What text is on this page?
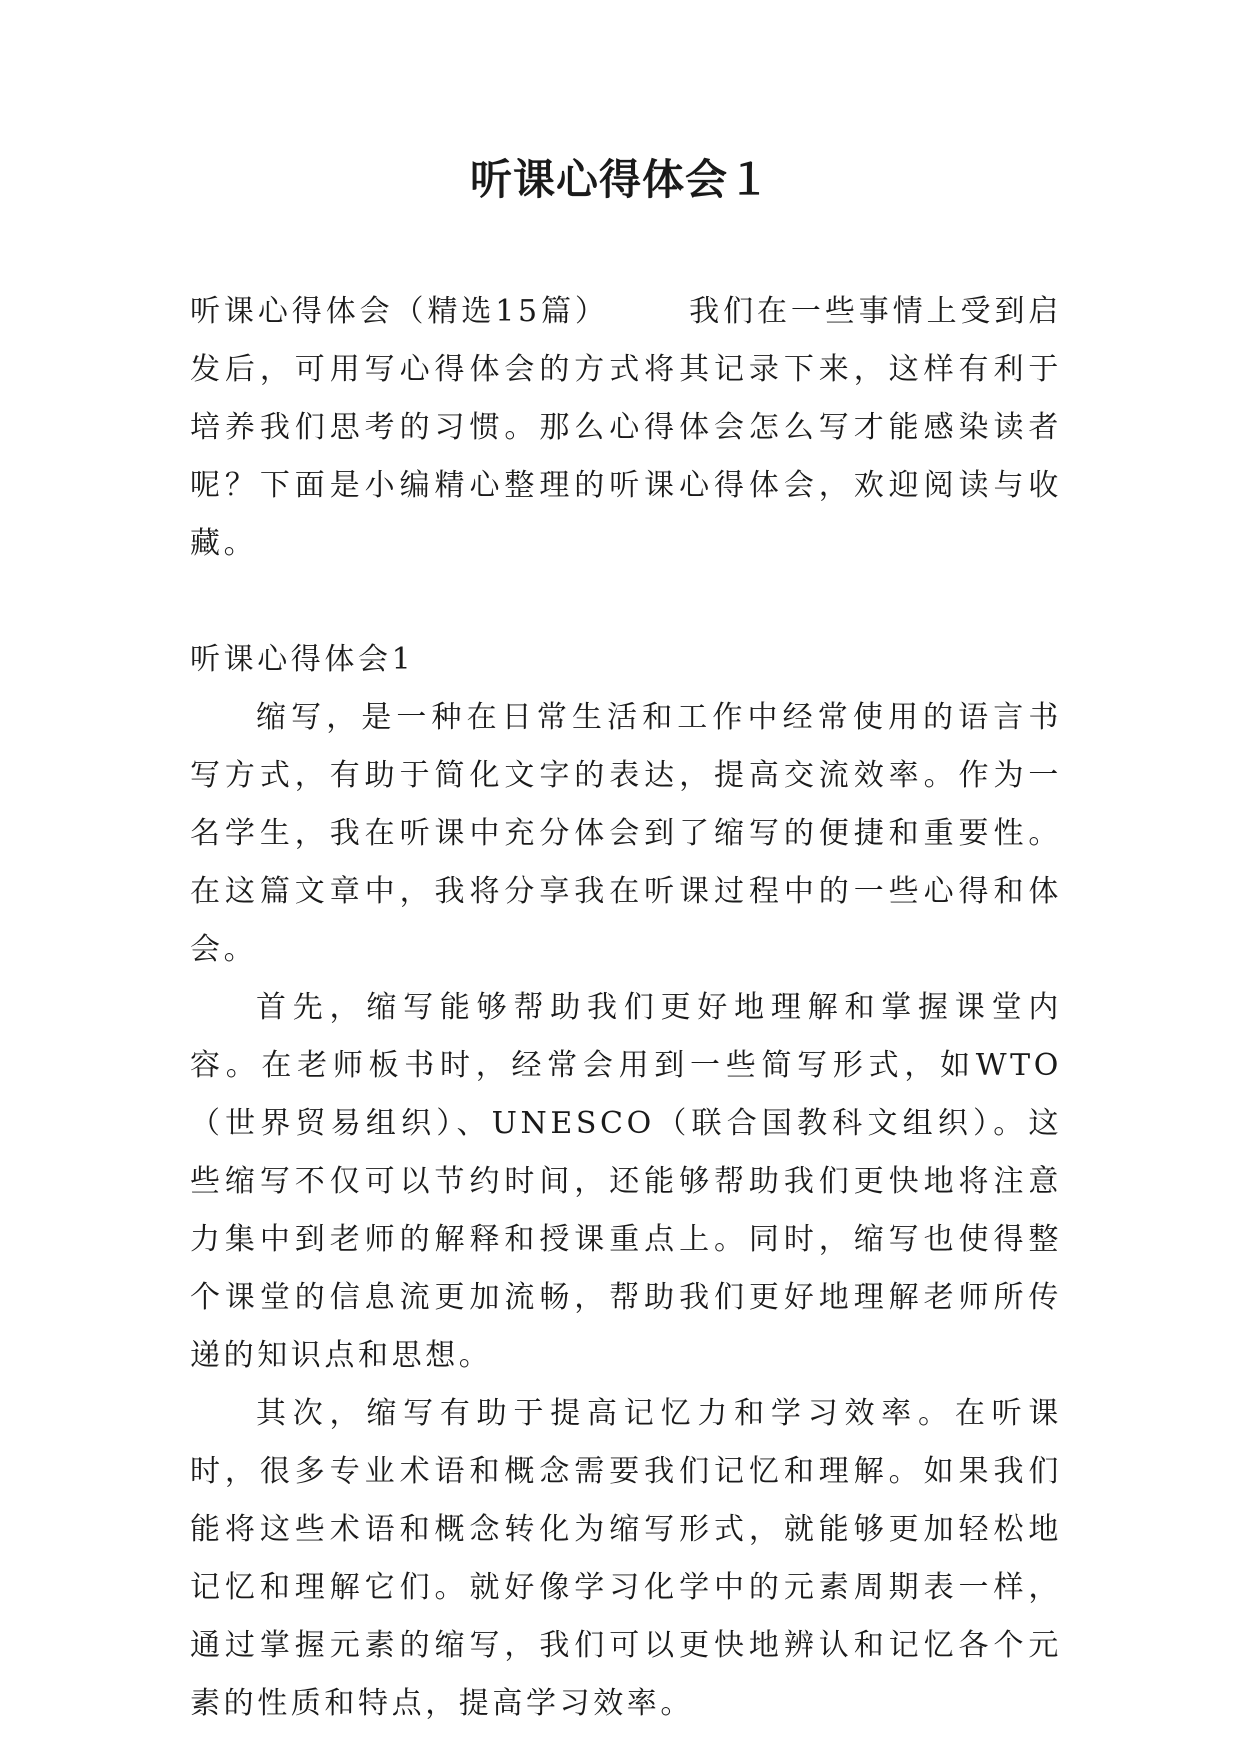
听课心得体会１

听课心得体会（精选15篇）	我们在一些事情上受到启发后，可用写心得体会的方式将其记录下来，这样有利于培养我们思考的习惯。那么心得体会怎么写才能感染读者呢？下面是小编精心整理的听课心得体会，欢迎阅读与收藏。

听课心得体会1

缩写，是一种在日常生活和工作中经常使用的语言书写方式，有助于简化文字的表达，提高交流效率。作为一名学生，我在听课中充分体会到了缩写的便捷和重要性。在这篇文章中，我将分享我在听课过程中的一些心得和体会。

首先，缩写能够帮助我们更好地理解和掌握课堂内容。在老师板书时，经常会用到一些简写形式，如WTO（世界贸易组织）、UNESCO（联合国教科文组织）。这些缩写不仅可以节约时间，还能够帮助我们更快地将注意力集中到老师的解释和授课重点上。同时，缩写也使得整个课堂的信息流更加流畅，帮助我们更好地理解老师所传递的知识点和思想。

其次，缩写有助于提高记忆力和学习效率。在听课时，很多专业术语和概念需要我们记忆和理解。如果我们能将这些术语和概念转化为缩写形式，就能够更加轻松地记忆和理解它们。就好像学习化学中的元素周期表一样，通过掌握元素的缩写，我们可以更快地辨认和记忆各个元素的性质和特点，提高学习效率。
